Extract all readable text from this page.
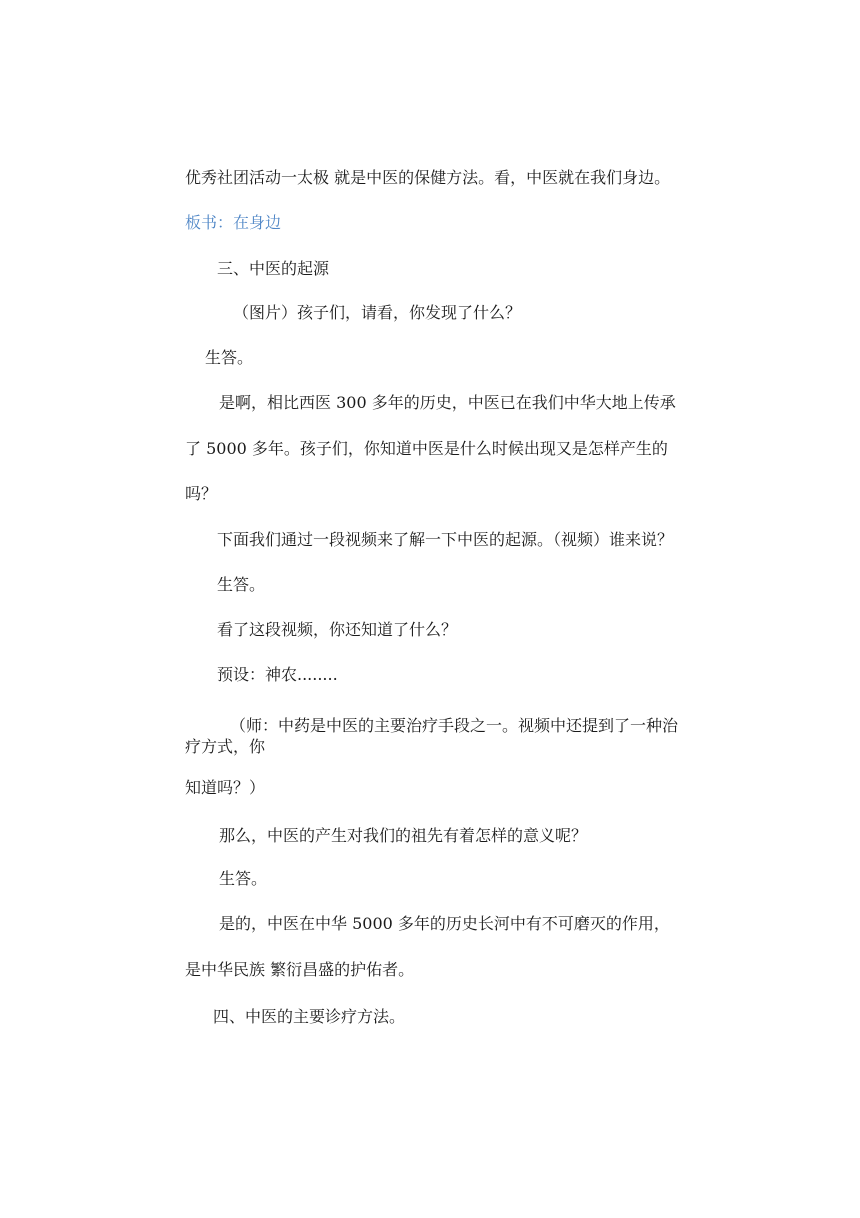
优秀社团活动一太极 就是中医的保健方法。看，中医就在我们身边。

板书：在身边

三、中医的起源

（图片）孩子们，请看，你发现了什么？

生答。

是啊，相比西医 300 多年的历史，中医已在我们中华大地上传承

了 5000 多年。孩子们，你知道中医是什么时候出现又是怎样产生的

吗？

下面我们通过一段视频来了解一下中医的起源。（视频）谁来说？

生答。

看了这段视频，你还知道了什么？

预设：神农........

（师：中药是中医的主要治疗手段之一。视频中还提到了一种治

疗方式，你

知道吗？）

那么，中医的产生对我们的祖先有着怎样的意义呢？

生答。

是的，中医在中华 5000 多年的历史长河中有不可磨灭的作用，

是中华民族 繁衍昌盛的护佑者。

四、中医的主要诊疗方法。
